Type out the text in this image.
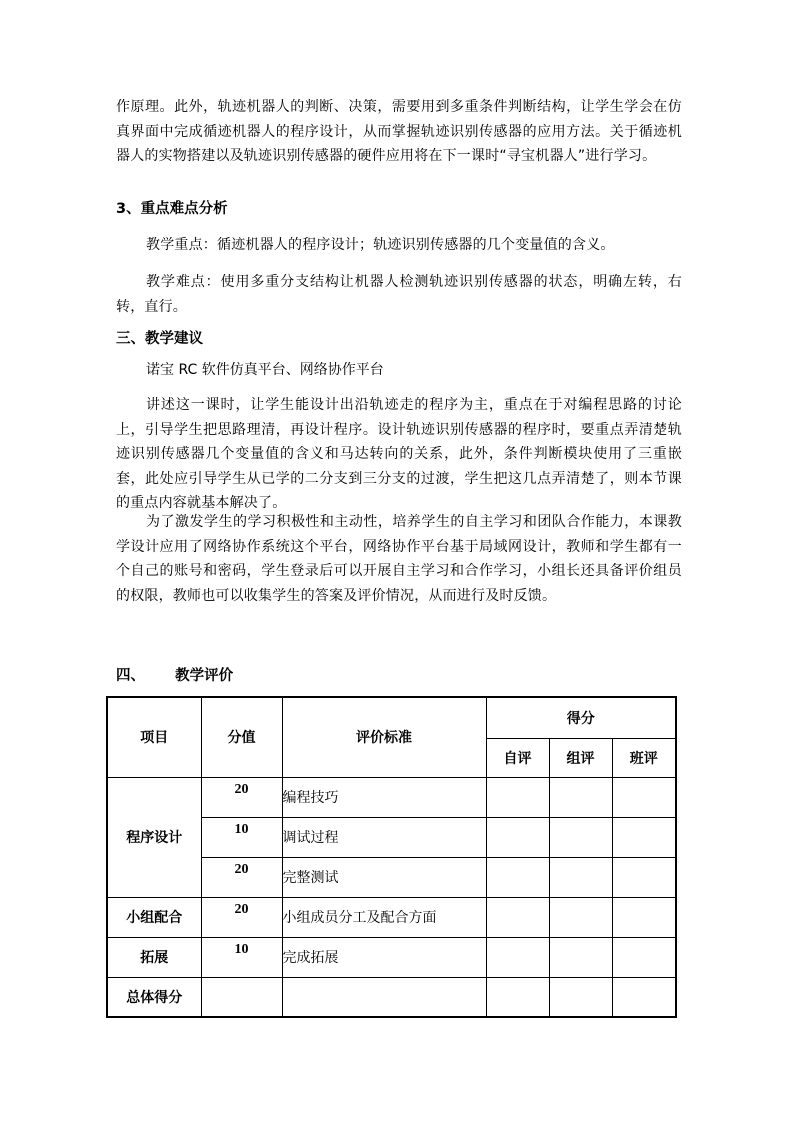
作原理。此外，轨迹机器人的判断、决策，需要用到多重条件判断结构，让学生学会在仿真界面中完成循迹机器人的程序设计，从而掌握轨迹识别传感器的应用方法。关于循迹机器人的实物搭建以及轨迹识别传感器的硬件应用将在下一课时“寻宝机器人”进行学习。

3、重点难点分析

教学重点：循迹机器人的程序设计；轨迹识别传感器的几个变量值的含义。

教学难点：使用多重分支结构让机器人检测轨迹识别传感器的状态，明确左转，右转，直行。

三、教学建议

诺宝 RC 软件仿真平台、网络协作平台

讲述这一课时，让学生能设计出沿轨迹走的程序为主，重点在于对编程思路的讨论上，引导学生把思路理清，再设计程序。设计轨迹识别传感器的程序时，要重点弄清楚轨迹识别传感器几个变量值的含义和马达转向的关系，此外，条件判断模块使用了三重嵌套，此处应引导学生从已学的二分支到三分支的过渡，学生把这几点弄清楚了，则本节课的重点内容就基本解决了。

为了激发学生的学习积极性和主动性，培养学生的自主学习和团队合作能力，本课教学设计应用了网络协作系统这个平台，网络协作平台基于局域网设计，教师和学生都有一个自己的账号和密码，学生登录后可以开展自主学习和合作学习，小组长还具备评价组员的权限，教师也可以收集学生的答案及评价情况，从而进行及时反馈。

四、 教学评价
项目	分值	评价标准	得分		
			自评	组评	班评
程序设计	20	编程技巧			
	10	调试过程			
	20	完整测试			
小组配合	20	小组成员分工及配合方面			
拓展	10	完成拓展			
总体得分					
